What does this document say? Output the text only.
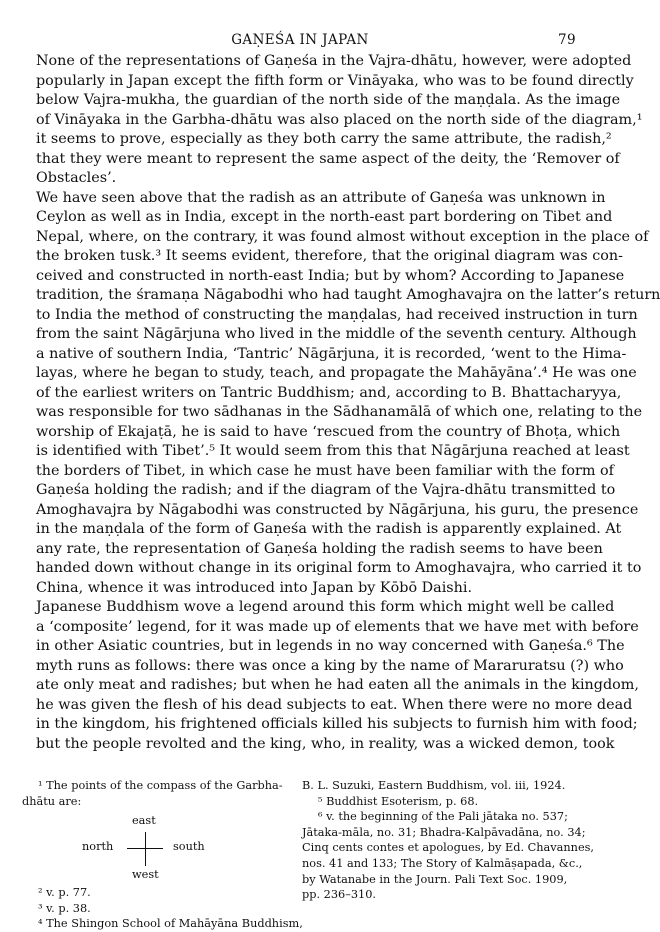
GAṆEŚA IN JAPAN	79

None of the representations of Gaṇeśa in the Vajra-dhātu, however, were adopted
popularly in Japan except the fifth form or Vināyaka, who was to be found directly
below Vajra-mukha, the guardian of the north side of the maṇḍala. As the image
of Vināyaka in the Garbha-dhātu was also placed on the north side of the diagram,¹
it seems to prove, especially as they both carry the same attribute, the radish,²
that they were meant to represent the same aspect of the deity, the ‘Remover of
Obstacles’.

We have seen above that the radish as an attribute of Gaṇeśa was unknown in
Ceylon as well as in India, except in the north-east part bordering on Tibet and
Nepal, where, on the contrary, it was found almost without exception in the place of
the broken tusk.³ It seems evident, therefore, that the original diagram was con-
ceived and constructed in north-east India; but by whom? According to Japanese
tradition, the śramaṇa Nāgabodhi who had taught Amoghavajra on the latter’s return
to India the method of constructing the maṇḍalas, had received instruction in turn
from the saint Nāgārjuna who lived in the middle of the seventh century. Although
a native of southern India, ‘Tantric’ Nāgārjuna, it is recorded, ‘went to the Hima-
layas, where he began to study, teach, and propagate the Mahāyāna’.⁴ He was one
of the earliest writers on Tantric Buddhism; and, according to B. Bhattacharyya,
was responsible for two sādhanas in the Sādhanamālā of which one, relating to the
worship of Ekajaṭā, he is said to have ‘rescued from the country of Bhoṭa, which
is identified with Tibet’.⁵ It would seem from this that Nāgārjuna reached at least
the borders of Tibet, in which case he must have been familiar with the form of
Gaṇeśa holding the radish; and if the diagram of the Vajra-dhātu transmitted to
Amoghavajra by Nāgabodhi was constructed by Nāgārjuna, his guru, the presence
in the maṇḍala of the form of Gaṇeśa with the radish is apparently explained. At
any rate, the representation of Gaṇeśa holding the radish seems to have been
handed down without change in its original form to Amoghavajra, who carried it to
China, whence it was introduced into Japan by Kōbō Daishi.

Japanese Buddhism wove a legend around this form which might well be called
a ‘composite’ legend, for it was made up of elements that we have met with before
in other Asiatic countries, but in legends in no way concerned with Gaṇeśa.⁶ The
myth runs as follows: there was once a king by the name of Mararuratsu (?) who
ate only meat and radishes; but when he had eaten all the animals in the kingdom,
he was given the flesh of his dead subjects to eat. When there were no more dead
in the kingdom, his frightened officials killed his subjects to furnish him with food;
but the people revolted and the king, who, in reality, was a wicked demon, took

¹ The points of the compass of the Garbha-
dhātu are:
east
north	south
west
² v. p. 77.
³ v. p. 38.
⁴ The Shingon School of Mahāyāna Buddhism,
B. L. Suzuki, Eastern Buddhism, vol. iii, 1924.
⁵ Buddhist Esoterism, p. 68.
⁶ v. the beginning of the Pali jātaka no. 537;
Jātaka-māla, no. 31; Bhadra-Kalpāvadāna, no. 34;
Cinq cents contes et apologues, by Ed. Chavannes,
nos. 41 and 133; The Story of Kalmāṣapada, &c.,
by Watanabe in the Journ. Pali Text Soc. 1909,
pp. 236–310.
